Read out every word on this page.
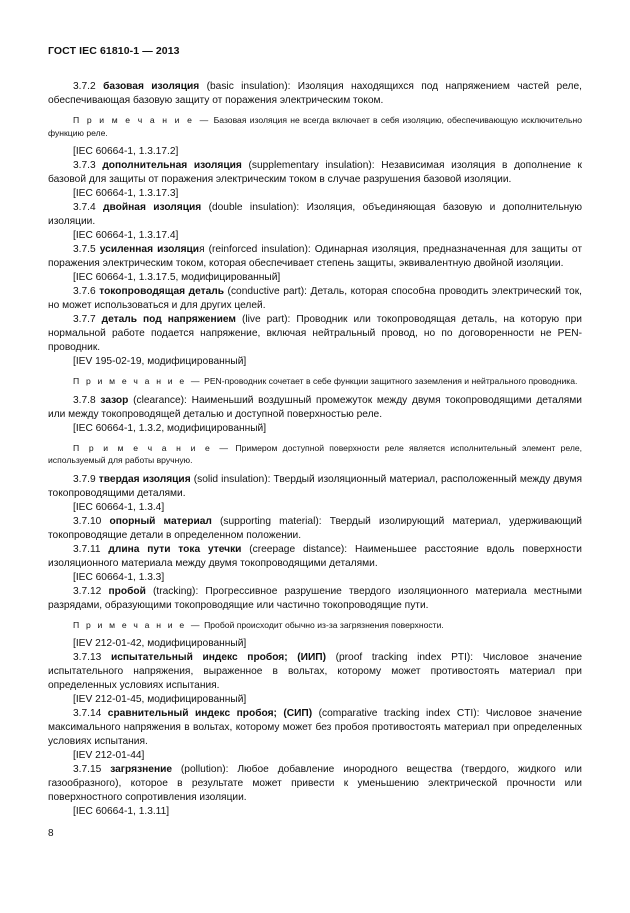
ГОСТ IEC 61810-1 — 2013

3.7.2 базовая изоляция (basic insulation): Изоляция находящихся под напряжением частей реле, обеспечивающая базовую защиту от поражения электрическим током.

П р и м е ч а н и е — Базовая изоляция не всегда включает в себя изоляцию, обеспечивающую исключительно функцию реле.

[IEC 60664-1, 1.3.17.2]

3.7.3 дополнительная изоляция (supplementary insulation): Независимая изоляция в дополнение к базовой для защиты от поражения электрическим током в случае разрушения базовой изоляции.

[IEC 60664-1, 1.3.17.3]

3.7.4 двойная изоляция (double insulation): Изоляция, объединяющая базовую и дополнительную изоляции.

[IEC 60664-1, 1.3.17.4]

3.7.5 усиленная изоляция (reinforced insulation): Одинарная изоляция, предназначенная для защиты от поражения электрическим током, которая обеспечивает степень защиты, эквивалентную двойной изоляции.

[IEC 60664-1, 1.3.17.5, модифицированный]

3.7.6 токопроводящая деталь (conductive part): Деталь, которая способна проводить электрический ток, но может использоваться и для других целей.

3.7.7 деталь под напряжением (live part): Проводник или токопроводящая деталь, на которую при нормальной работе подается напряжение, включая нейтральный провод, но по договоренности не PEN-проводник.

[IEV 195-02-19, модифицированный]

П р и м е ч а н и е — PEN-проводник сочетает в себе функции защитного заземления и нейтрального проводника.

3.7.8 зазор (clearance): Наименьший воздушный промежуток между двумя токопроводящими деталями или между токопроводящей деталью и доступной поверхностью реле.

[IEC 60664-1, 1.3.2, модифицированный]

П р и м е ч а н и е — Примером доступной поверхности реле является исполнительный элемент реле, используемый для работы вручную.

3.7.9 твердая изоляция (solid insulation): Твердый изоляционный материал, расположенный между двумя токопроводящими деталями.

[IEC 60664-1, 1.3.4]

3.7.10 опорный материал (supporting material): Твердый изолирующий материал, удерживающий токопроводящие детали в определенном положении.

3.7.11 длина пути тока утечки (creepage distance): Наименьшее расстояние вдоль поверхности изоляционного материала между двумя токопроводящими деталями.

[IEC 60664-1, 1.3.3]

3.7.12 пробой (tracking): Прогрессивное разрушение твердого изоляционного материала местными разрядами, образующими токопроводящие или частично токопроводящие пути.

П р и м е ч а н и е — Пробой происходит обычно из-за загрязнения поверхности.

[IEV 212-01-42, модифицированный]

3.7.13 испытательный индекс пробоя; (ИИП) (proof tracking index PTI): Числовое значение испытательного напряжения, выраженное в вольтах, которому может противостоять материал при определенных условиях испытания.

[IEV 212-01-45, модифицированный]

3.7.14 сравнительный индекс пробоя; (СИП) (comparative tracking index CTI): Числовое значение максимального напряжения в вольтах, которому может без пробоя противостоять материал при определенных условиях испытания.

[IEV 212-01-44]

3.7.15 загрязнение (pollution): Любое добавление инородного вещества (твердого, жидкого или газообразного), которое в результате может привести к уменьшению электрической прочности или поверхностного сопротивления изоляции.

[IEC 60664-1, 1.3.11]

8
